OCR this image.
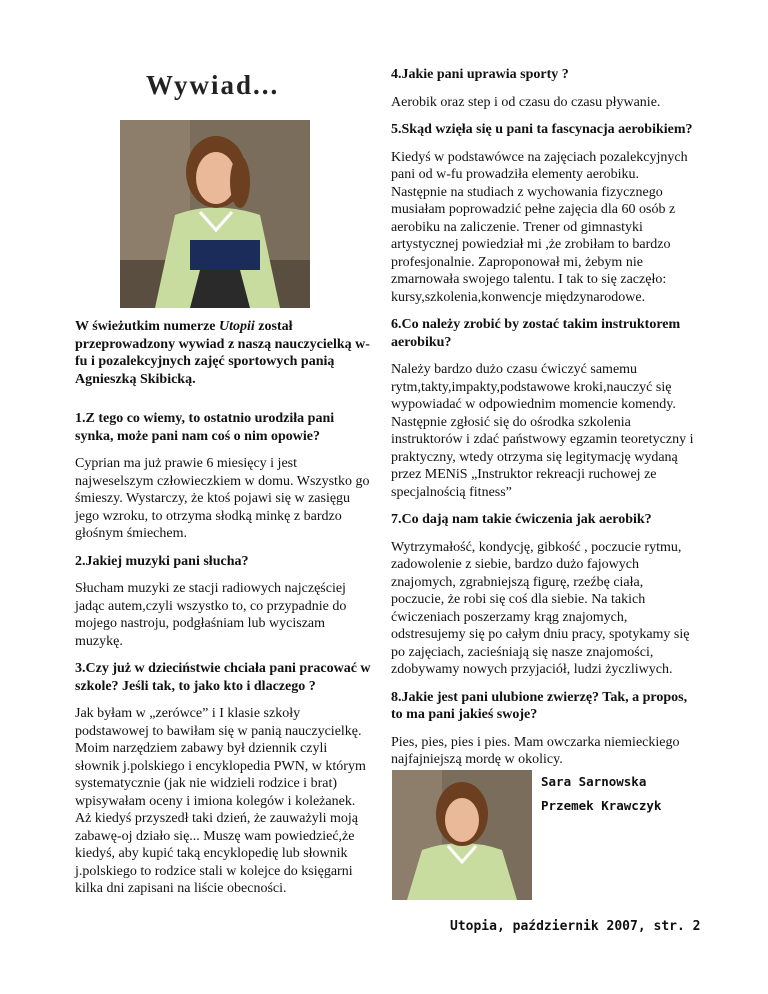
Wywiad...
W świeżutkim numerze Utopii został przeprowadzony wywiad z naszą nauczycielką w-fu i pozalekcyjnych zajęć sportowych panią Agnieszką Skibicką.
1.Z tego co wiemy, to ostatnio urodziła pani synka, może pani nam coś o nim opowie?
Cyprian ma już prawie 6 miesięcy i jest najweselszym człowieczkiem w domu. Wszystko go śmieszy. Wystarczy, że ktoś pojawi się w zasięgu jego wzroku, to otrzyma słodką minkę z bardzo głośnym śmiechem.
2.Jakiej muzyki pani słucha?
Słucham muzyki ze stacji radiowych najczęściej jadąc autem,czyli wszystko to, co przypadnie do mojego nastroju, podgłaśniam lub wyciszam muzykę.
3.Czy już w dzieciństwie chciała pani pracować w szkole? Jeśli tak, to jako kto i dlaczego ?
Jak byłam w „zerówce” i I klasie szkoły podstawowej to bawiłam się w panią nauczycielkę. Moim narzędziem zabawy był dziennik czyli słownik j.polskiego i encyklopedia PWN, w którym systematycznie (jak nie widzieli rodzice i brat) wpisywałam oceny i imiona kolegów i koleżanek. Aż kiedyś przyszedł taki dzień, że zauważyli moją zabawę-oj działo się... Muszę wam powiedzieć,że kiedyś, aby kupić taką encyklopedię lub słownik j.polskiego to rodzice stali w kolejce do księgarni kilka dni zapisani na liście obecności.
4.Jakie pani uprawia sporty ?
Aerobik oraz step i od czasu do czasu pływanie.
5.Skąd wzięła się u pani ta fascynacja aerobikiem?
Kiedyś w podstawówce na zajęciach pozalekcyjnych pani od w-fu prowadziła elementy aerobiku. Następnie na studiach z wychowania fizycznego musiałam poprowadzić pełne zajęcia dla 60 osób z aerobiku na zaliczenie. Trener od gimnastyki artystycznej powiedział mi ,że zrobiłam to bardzo profesjonalnie. Zaproponował mi, żebym nie zmarnowała swojego talentu. I tak to się zaczęło: kursy,szkolenia,konwencje międzynarodowe.
6.Co należy zrobić by zostać takim instruktorem aerobiku?
Należy bardzo dużo czasu ćwiczyć samemu rytm,takty,impakty,podstawowe kroki,nauczyć się wypowiadać w odpowiednim momencie komendy. Następnie zgłosić się do ośrodka szkolenia instruktorów i zdać państwowy egzamin teoretyczny i praktyczny, wtedy otrzyma się legitymację wydaną przez MENiS „Instruktor rekreacji ruchowej ze specjalnością fitness”
7.Co dają nam takie ćwiczenia jak aerobik?
Wytrzymałość, kondycję, gibkość , poczucie rytmu, zadowolenie z siebie, bardzo dużo fajowych znajomych, zgrabniejszą figurę, rzeźbę ciała, poczucie, że robi się coś dla siebie. Na takich ćwiczeniach poszerzamy krąg znajomych, odstresujemy się po całym dniu pracy, spotykamy się po zajęciach, zacieśniają się nasze znajomości, zdobywamy nowych przyjaciół, ludzi życzliwych.
8.Jakie jest pani ulubione zwierzę? Tak, a propos, to ma pani jakieś swoje?
Pies, pies, pies i pies. Mam owczarka niemieckiego najfajniejszą mordę w okolicy.
Sara Sarnowska
Przemek Krawczyk
Utopia, październik 2007, str. 2
